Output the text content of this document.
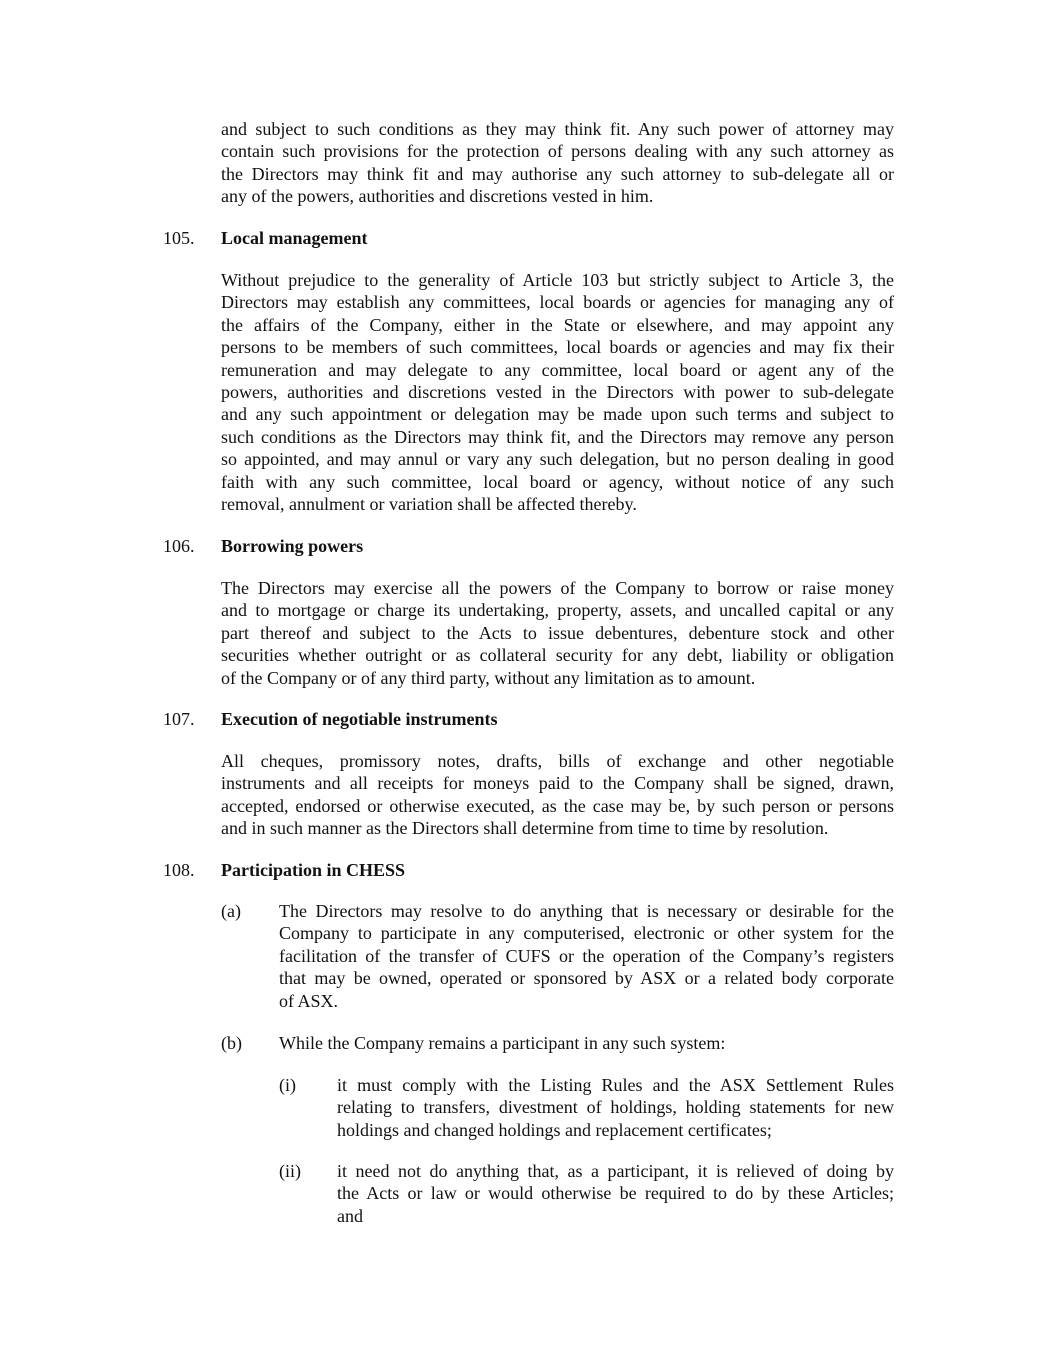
and subject to such conditions as they may think fit. Any such power of attorney may
contain such provisions for the protection of persons dealing with any such attorney as
the Directors may think fit and may authorise any such attorney to sub-delegate all or
any of the powers, authorities and discretions vested in him.
105. Local management
Without prejudice to the generality of Article 103 but strictly subject to Article 3, the
Directors may establish any committees, local boards or agencies for managing any of
the affairs of the Company, either in the State or elsewhere, and may appoint any
persons to be members of such committees, local boards or agencies and may fix their
remuneration and may delegate to any committee, local board or agent any of the
powers, authorities and discretions vested in the Directors with power to sub-delegate
and any such appointment or delegation may be made upon such terms and subject to
such conditions as the Directors may think fit, and the Directors may remove any person
so appointed, and may annul or vary any such delegation, but no person dealing in good
faith with any such committee, local board or agency, without notice of any such
removal, annulment or variation shall be affected thereby.
106. Borrowing powers
The Directors may exercise all the powers of the Company to borrow or raise money
and to mortgage or charge its undertaking, property, assets, and uncalled capital or any
part thereof and subject to the Acts to issue debentures, debenture stock and other
securities whether outright or as collateral security for any debt, liability or obligation
of the Company or of any third party, without any limitation as to amount.
107. Execution of negotiable instruments
All cheques, promissory notes, drafts, bills of exchange and other negotiable
instruments and all receipts for moneys paid to the Company shall be signed, drawn,
accepted, endorsed or otherwise executed, as the case may be, by such person or persons
and in such manner as the Directors shall determine from time to time by resolution.
108. Participation in CHESS
(a) The Directors may resolve to do anything that is necessary or desirable for the
Company to participate in any computerised, electronic or other system for the
facilitation of the transfer of CUFS or the operation of the Company’s registers
that may be owned, operated or sponsored by ASX or a related body corporate
of ASX.
(b) While the Company remains a participant in any such system:
(i) it must comply with the Listing Rules and the ASX Settlement Rules
relating to transfers, divestment of holdings, holding statements for new
holdings and changed holdings and replacement certificates;
(ii) it need not do anything that, as a participant, it is relieved of doing by
the Acts or law or would otherwise be required to do by these Articles;
and
